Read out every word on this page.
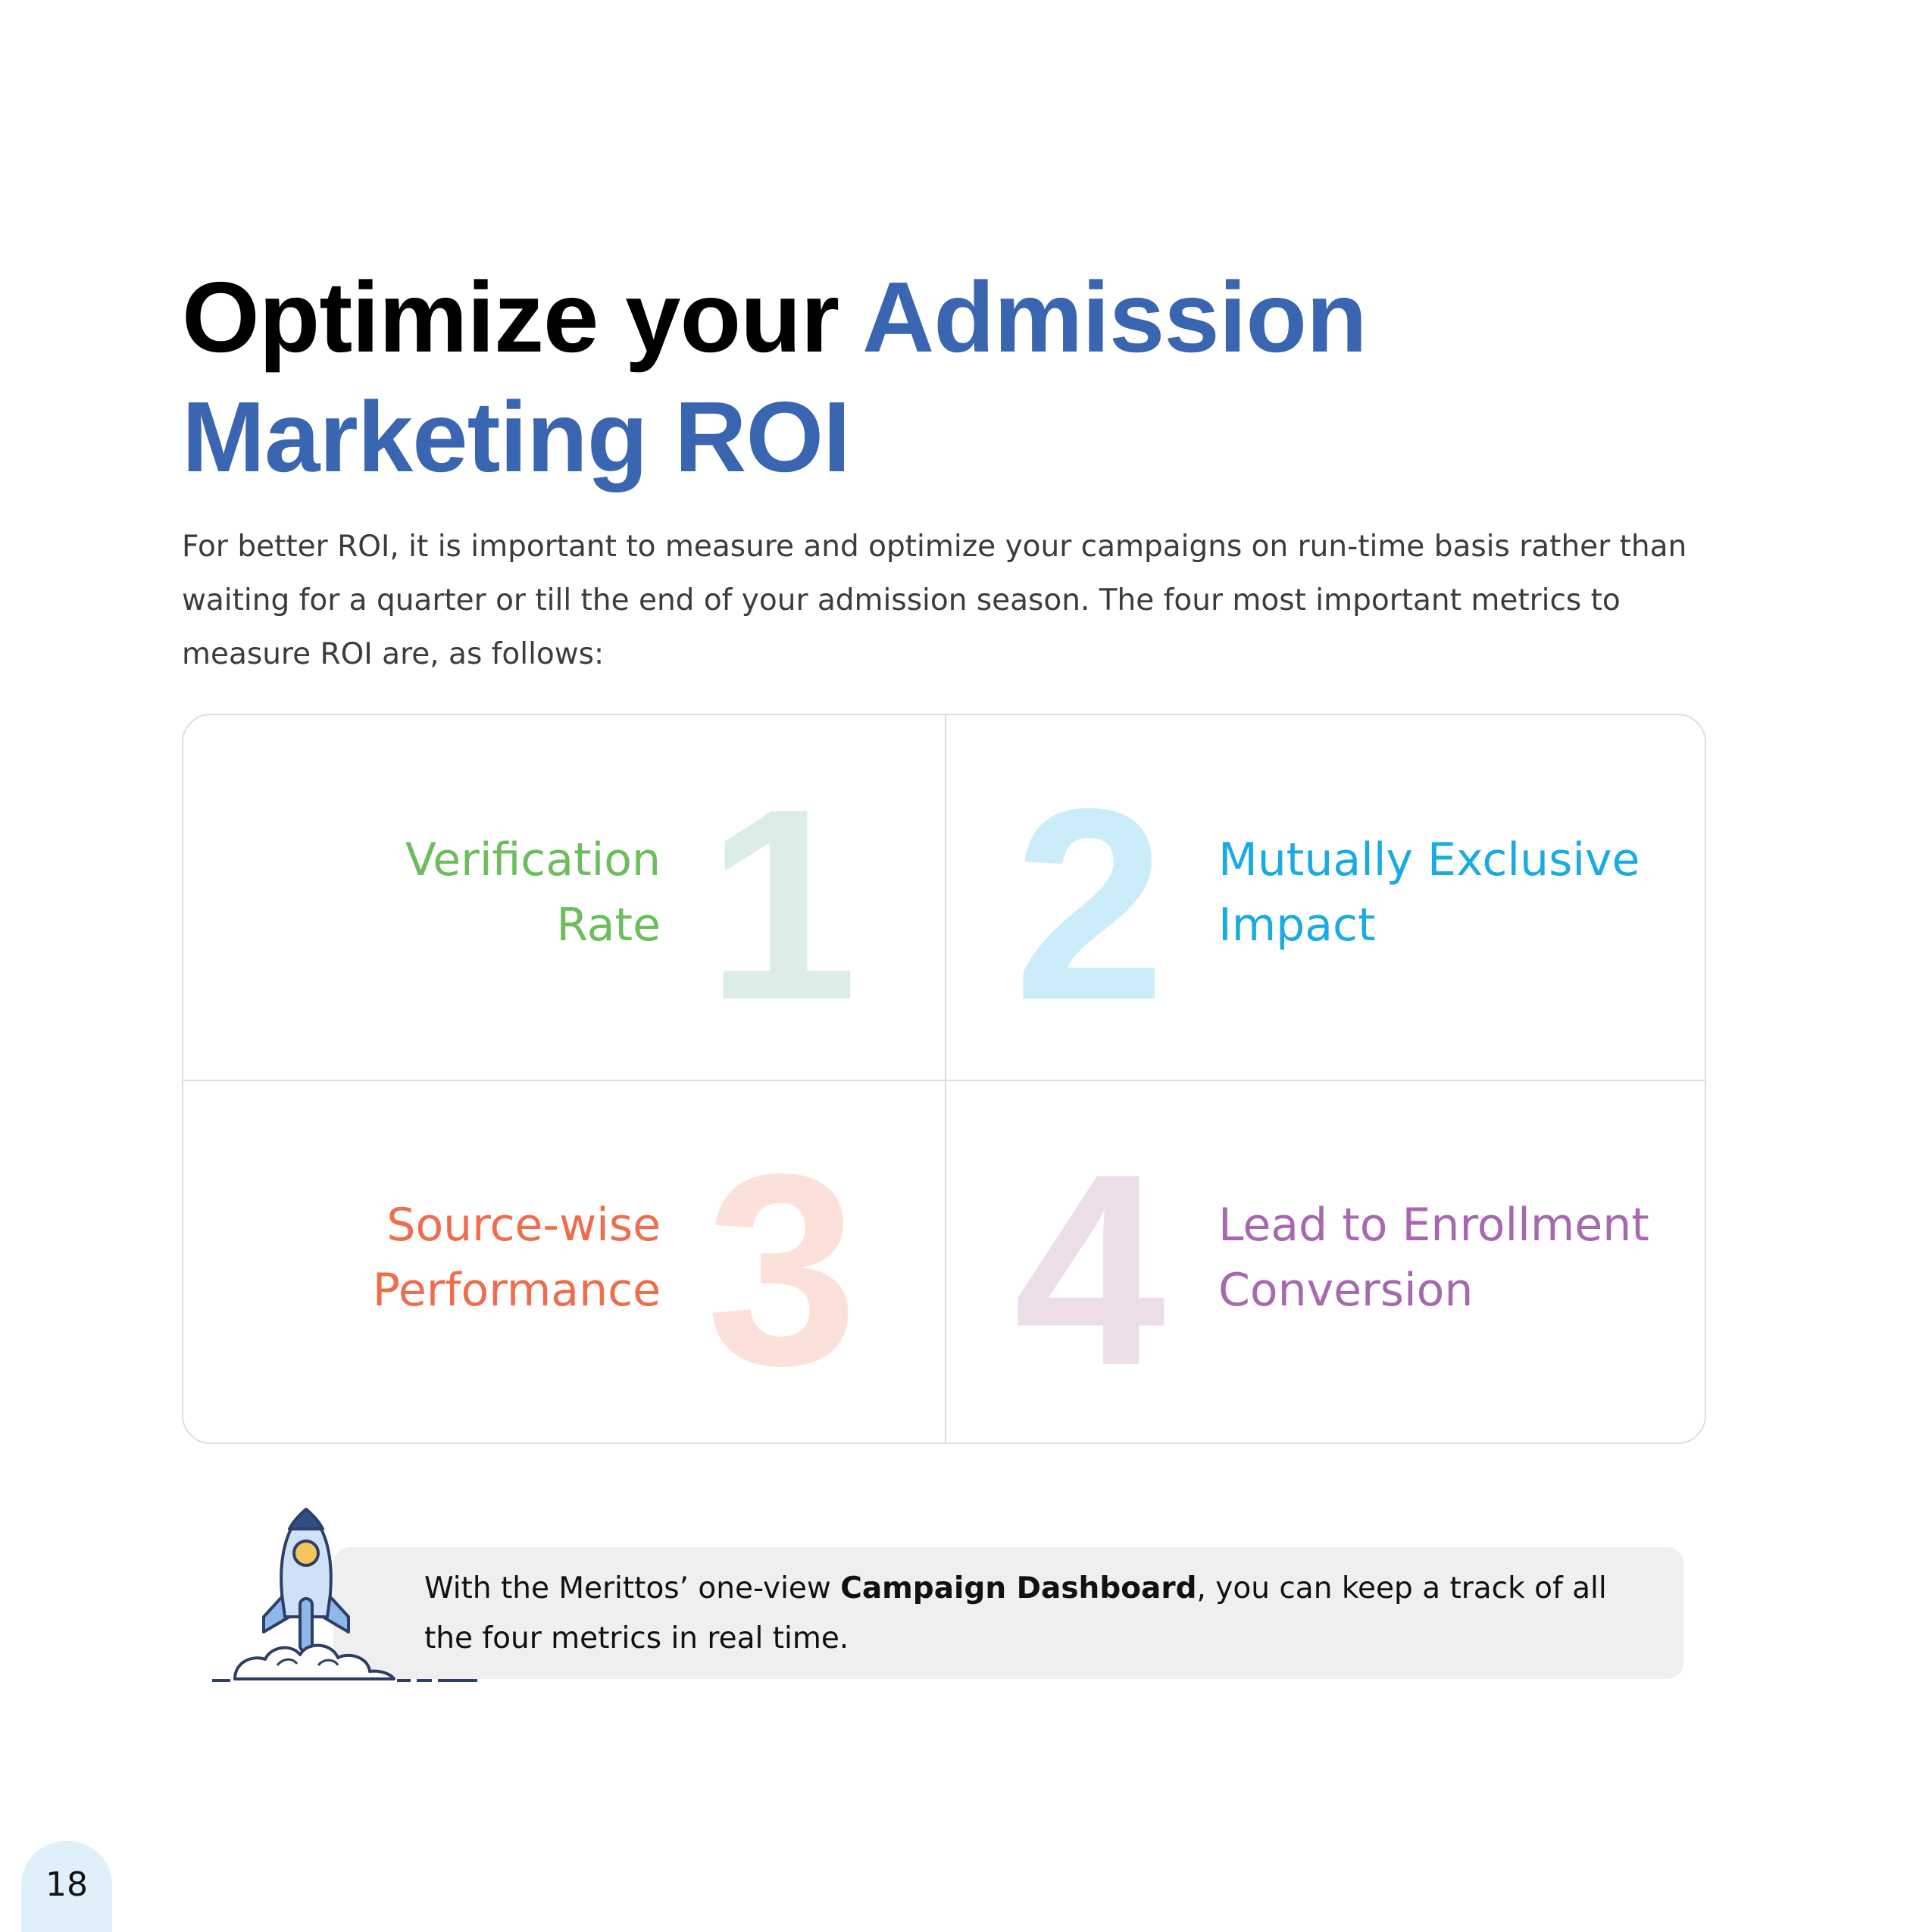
Optimize your Admission Marketing ROI

For better ROI, it is important to measure and optimize your campaigns on run-time basis rather than waiting for a quarter or till the end of your admission season. The four most important metrics to measure ROI are, as follows:

1

Verification
Rate 2 Mutually Exclusive
Impact

3

Source-wise
Performance 4 Lead to Enrollment
Conversion

With the Merittos’ one-view Campaign Dashboard, you can keep a track of all the four metrics in real time.

18
